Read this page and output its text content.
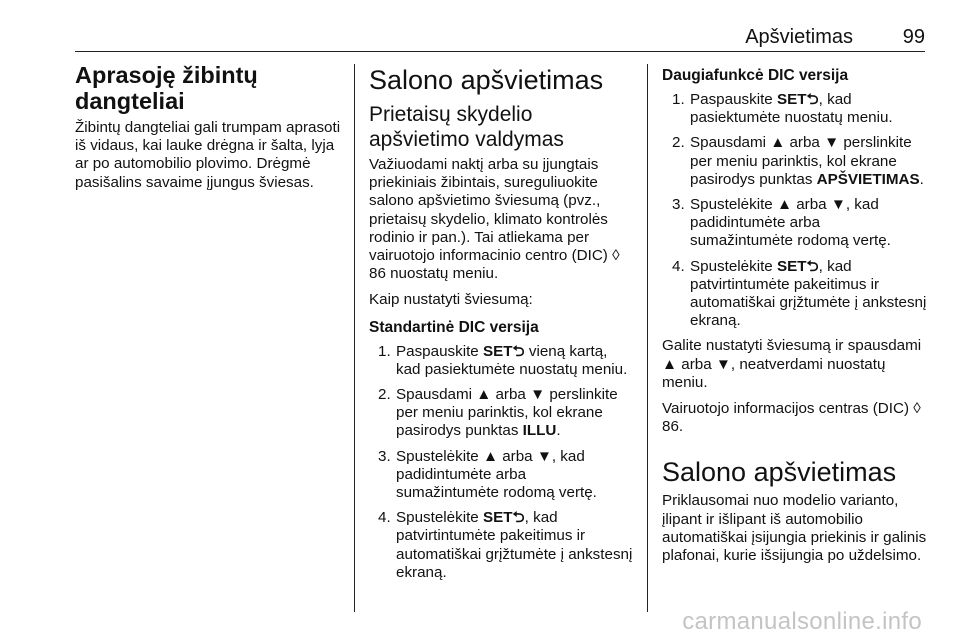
Apšvietimas 99
Aprasoję žibintų dangteliai

Žibintų dangteliai gali trumpam aprasoti iš vidaus, kai lauke drėgna ir šalta, lyja ar po automobilio plovimo. Drėgmė pasišalins savaime įjungus šviesas.

Salono apšvietimas
Prietaisų skydelio apšvietimo valdymas

Važiuodami naktį arba su įjungtais priekiniais žibintais, sureguliuokite salono apšvietimo šviesumą (pvz., prietaisų skydelio, klimato kontrolės rodinio ir pan.). Tai atliekama per vairuotojo informacinio centro (DIC) ◊ 86 nuostatų meniu.

Kaip nustatyti šviesumą:

Standartinė DIC versija
1. Paspauskite SET⮌ vieną kartą, kad pasiektumėte nuostatų meniu.
2. Spausdami ▲ arba ▼ perslinkite per meniu parinktis, kol ekrane pasirodys punktas ILLU.
3. Spustelėkite ▲ arba ▼, kad padidintumėte arba sumažintumėte rodomą vertę.
4. Spustelėkite SET⮌, kad patvirtintumėte pakeitimus ir automatiškai grįžtumėte į ankstesnį ekraną.
Daugiafunkcė DIC versija
1. Paspauskite SET⮌, kad pasiektumėte nuostatų meniu.
2. Spausdami ▲ arba ▼ perslinkite per meniu parinktis, kol ekrane pasirodys punktas APŠVIETIMAS.
3. Spustelėkite ▲ arba ▼, kad padidintumėte arba sumažintumėte rodomą vertę.
4. Spustelėkite SET⮌, kad patvirtintumėte pakeitimus ir automatiškai grįžtumėte į ankstesnį ekraną.

Galite nustatyti šviesumą ir spausdami ▲ arba ▼, neatverdami nuostatų meniu.

Vairuotojo informacijos centras (DIC) ◊ 86.

Salono apšvietimas

Priklausomai nuo modelio varianto, įlipant ir išlipant iš automobilio automatiškai įsijungia priekinis ir galinis plafonai, kurie išsijungia po uždelsimo.

carmanualsonline.info
